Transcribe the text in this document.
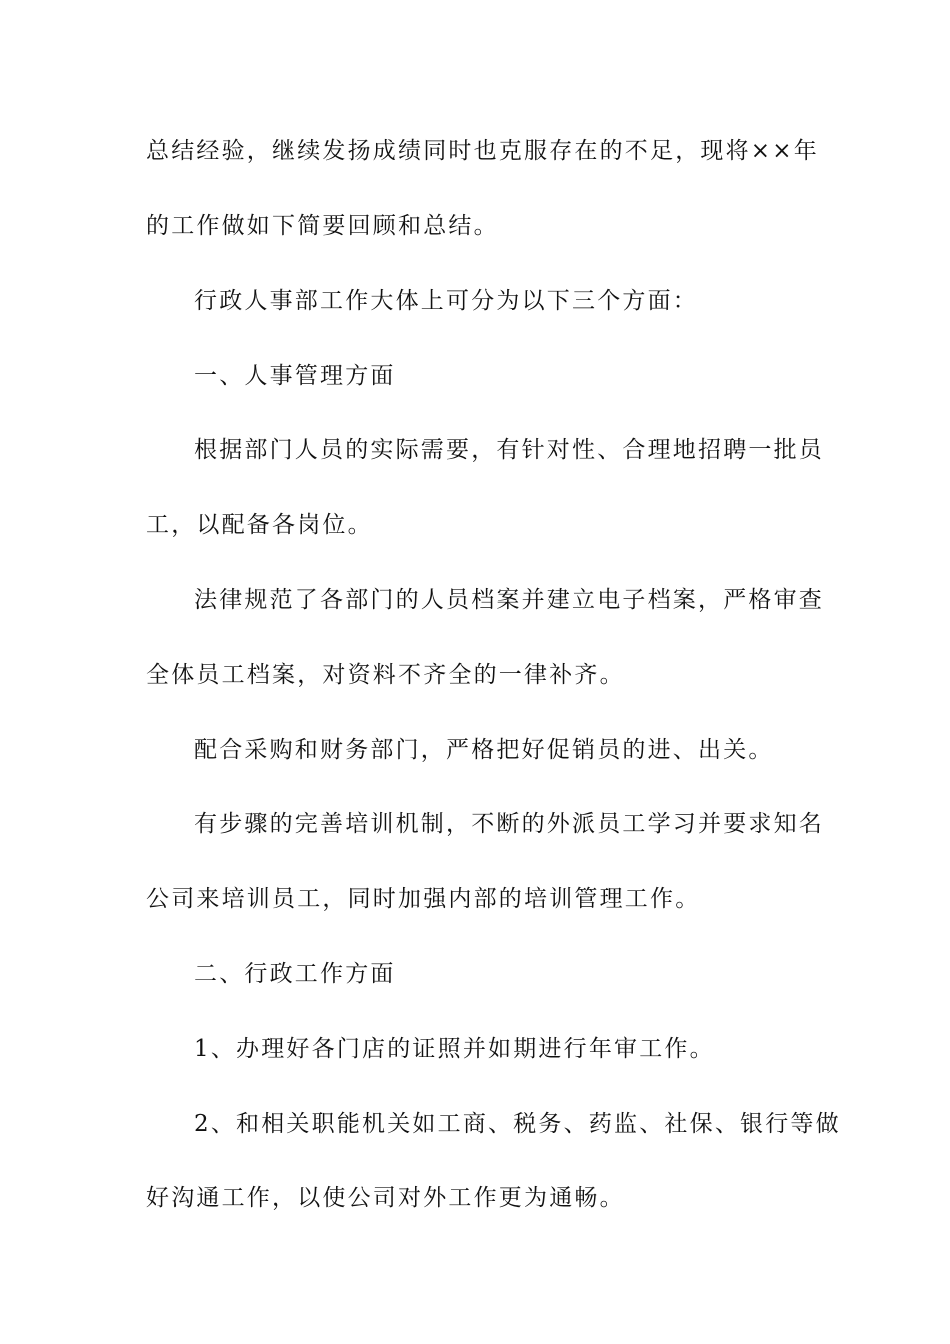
总结经验，继续发扬成绩同时也克服存在的不足，现将××年
的工作做如下简要回顾和总结。
行政人事部工作大体上可分为以下三个方面：
一、人事管理方面
根据部门人员的实际需要，有针对性、合理地招聘一批员
工，以配备各岗位。
法律规范了各部门的人员档案并建立电子档案，严格审查
全体员工档案，对资料不齐全的一律补齐。
配合采购和财务部门，严格把好促销员的进、出关。
有步骤的完善培训机制，不断的外派员工学习并要求知名
公司来培训员工，同时加强内部的培训管理工作。
二、行政工作方面
1、办理好各门店的证照并如期进行年审工作。
2、和相关职能机关如工商、税务、药监、社保、银行等做
好沟通工作，以使公司对外工作更为通畅。
